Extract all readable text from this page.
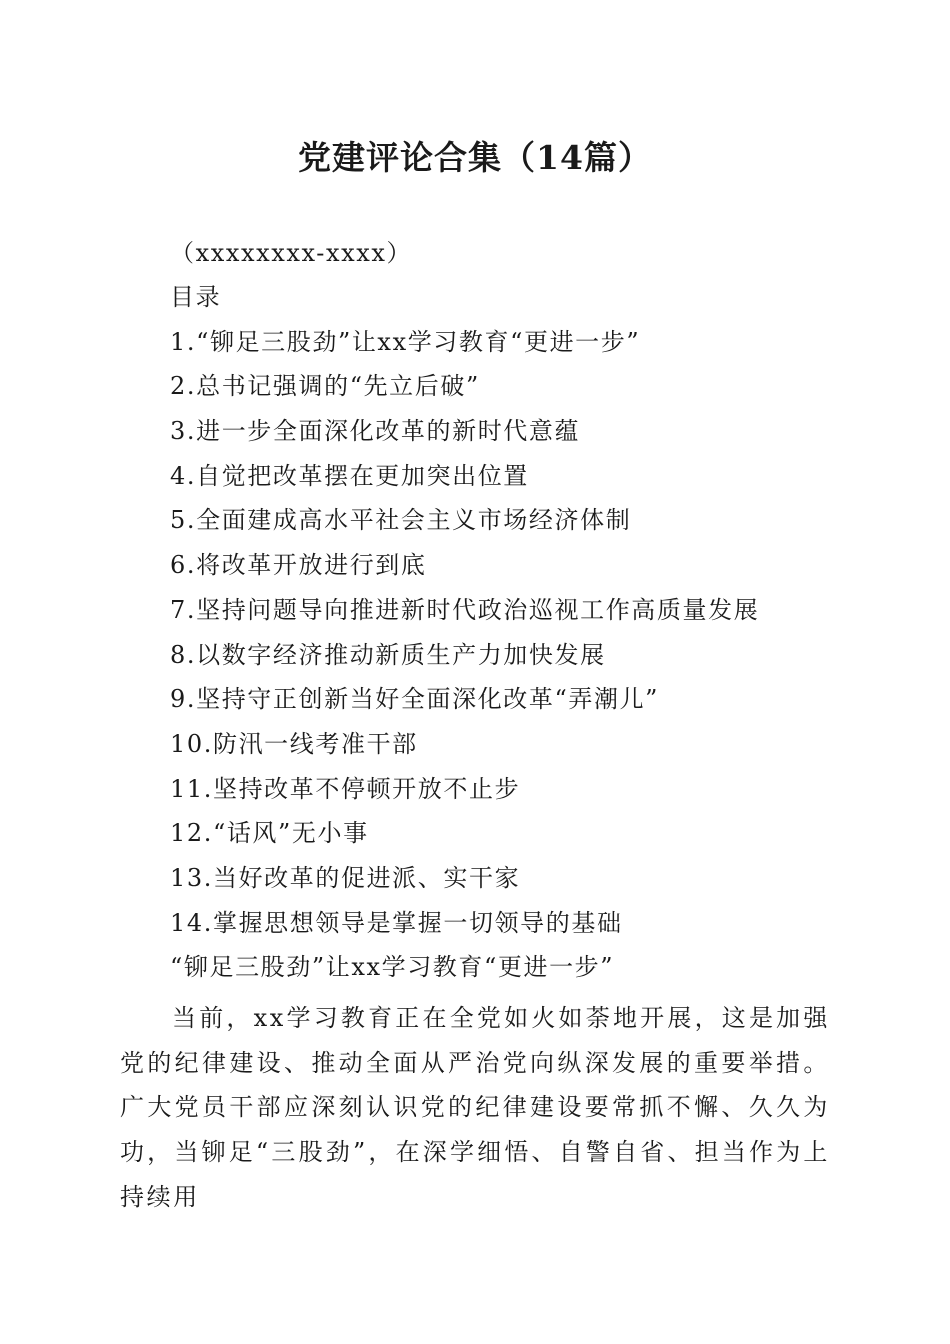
党建评论合集（14篇）
（xxxxxxxx-xxxx）
目录
1.“铆足三股劲”让xx学习教育“更进一步”
2.总书记强调的“先立后破”
3.进一步全面深化改革的新时代意蕴
4.自觉把改革摆在更加突出位置
5.全面建成高水平社会主义市场经济体制
6.将改革开放进行到底
7.坚持问题导向推进新时代政治巡视工作高质量发展
8.以数字经济推动新质生产力加快发展
9.坚持守正创新当好全面深化改革“弄潮儿”
10.防汛一线考准干部
11.坚持改革不停顿开放不止步
12.“话风”无小事
13.当好改革的促进派、实干家
14.掌握思想领导是掌握一切领导的基础
“铆足三股劲”让xx学习教育“更进一步”

当前，xx学习教育正在全党如火如荼地开展，这是加强党的纪律建设、推动全面从严治党向纵深发展的重要举措。广大党员干部应深刻认识党的纪律建设要常抓不懈、久久为功，当铆足“三股劲”，在深学细悟、自警自省、担当作为上持续用
